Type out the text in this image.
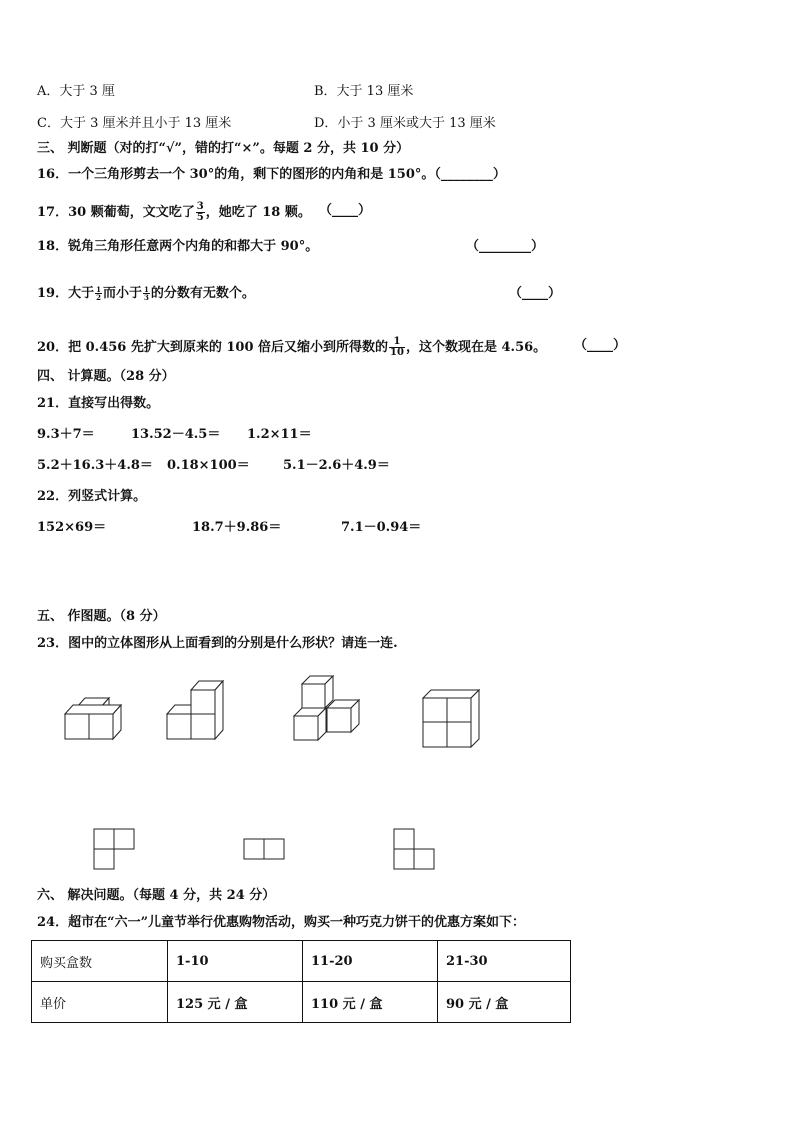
A．大于 3 厘	B．大于 13 厘米
C．大于 3 厘米并且小于 13 厘米	D．小于 3 厘米或大于 13 厘米
三、 判断题（对的打“√”，错的打“×”。每题 2 分，共 10 分）
16．一个三角形剪去一个 30°的角，剩下的图形的内角和是 150°。（________）
17．30 颗葡萄，文文吃了 $\frac{3}{5}$ ，她吃了 18 颗。 （____）
18．锐角三角形任意两个内角的和都大于 90°。	（________）
19．大于 $\frac{1}{2}$ 而小于 $\frac{1}{3}$ 的分数有无数个。	（____）
20．把 0.456 先扩大到原来的 100 倍后又缩小到所得数的 $\frac{1}{10}$ ，这个数现在是 4.56。 （____）
四、 计算题。（28 分）
21．直接写出得数。
9.3＋7＝	13.52－4.5＝ 1.2×11＝
5.2＋16.3＋4.8＝ 0.18×100＝	5.1－2.6＋4.9＝
22．列竖式计算。
152×69＝	18.7＋9.86＝	7.1－0.94＝
五、 作图题。（8 分）
23．图中的立体图形从上面看到的分别是什么形状？请连一连.
六、 解决问题。（每题 4 分，共 24 分）
24．超市在“六一”儿童节举行优惠购物活动，购买一种巧克力饼干的优惠方案如下：
购买盒数	1-10	11-20	21-30
单价	125 元 / 盒	110 元 / 盒	90 元 / 盒
